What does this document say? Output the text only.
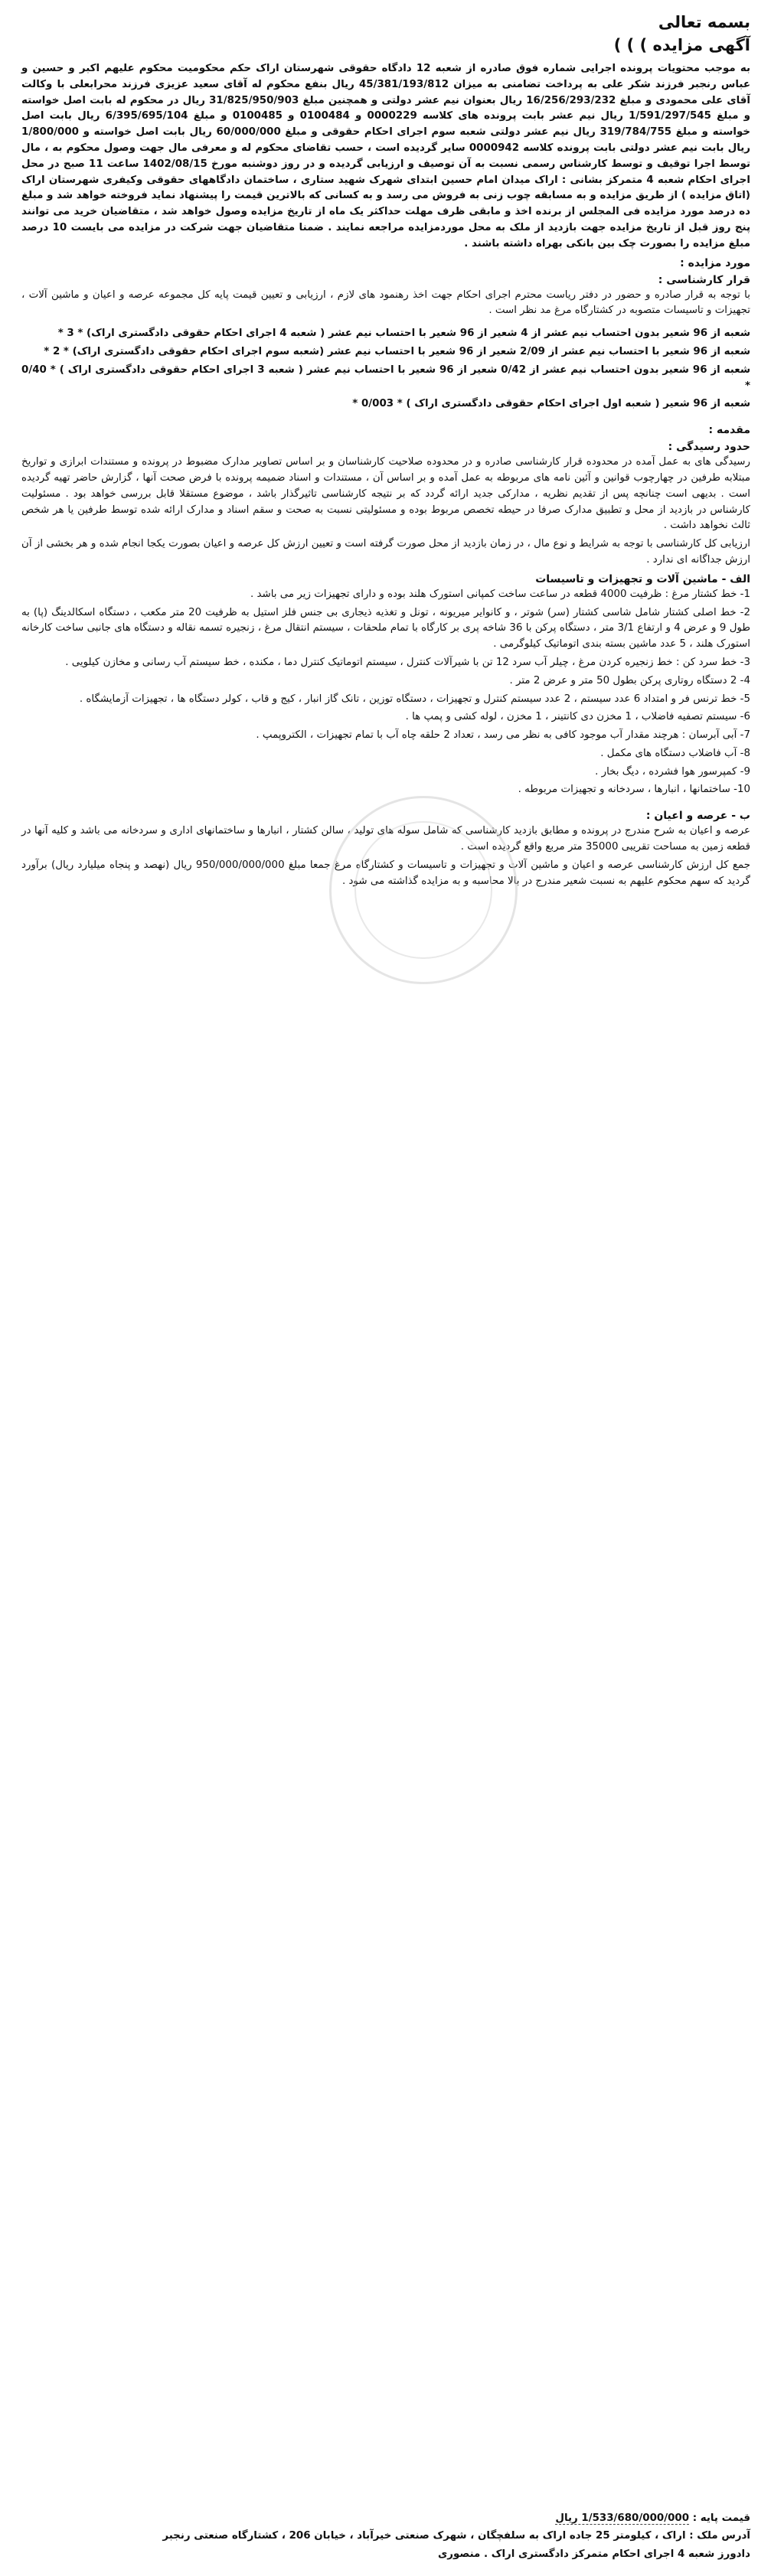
بسمه تعالی
آگهی مزایده ) ) )

به موجب محتویات پرونده اجرایی شماره فوق صادره از شعبه 12 دادگاه حقوقی شهرستان اراک حکم محکومیت محکوم علیهم اکبر و حسین و عباس رنجبر فرزند شکر علی به پرداخت تضامنی به میزان 45/381/193/812 ریال بنفع محکوم له آقای سعید عزیزی فرزند محرابعلی با وکالت آقای علی محمودی و مبلغ 16/256/293/232 ریال بعنوان نیم عشر دولتی و همچنین مبلغ 31/825/950/903 ریال در محکوم له بابت اصل خواسته و مبلغ 1/591/297/545 ریال نیم عشر بابت پرونده های کلاسه 0000229 و 0100484 و 0100485 و مبلغ 6/395/695/104 ریال بابت اصل خواسته و مبلغ 319/784/755 ریال نیم عشر دولتی شعبه سوم اجرای احکام حقوقی و مبلغ 60/000/000 ریال بابت اصل خواسته و 1/800/000 ریال بابت نیم عشر دولتی بابت پرونده کلاسه 0000942 سایر گردیده است ، حسب تقاضای محکوم له و معرفی مال جهت وصول محکوم به ، مال توسط اجرا توقیف و توسط کارشناس رسمی نسبت به آن توصیف و ارزیابی گردیده و در روز دوشنبه مورخ 1402/08/15 ساعت 11 صبح در محل اجرای احکام شعبه 4 متمرکز بشانی : اراک میدان امام حسین ابتدای شهرک شهید ستاری ، ساختمان دادگاههای حقوقی وکیفری شهرستان اراک (اتاق مزایده ) از طریق مزایده و به مسابقه چوب زنی به فروش می رسد و به کسانی که بالاترین قیمت را پیشنهاد نماید فروخته خواهد شد و مبلغ ده درصد مورد مزایده فی المجلس از برنده اخذ و مابقی ظرف مهلت حداکثر یک ماه از تاریخ مزایده وصول خواهد شد ، متقاضیان خرید می توانند پنج روز قبل از تاریخ مزایده جهت بازدید از ملک به محل موردمزایده مراجعه نمایند . ضمنا متقاضیان جهت شرکت در مزایده می بایست 10 درصد مبلغ مزایده را بصورت چک بین بانکی بهراه داشته باشند .

مورد مزایده :
قرار کارشناسی :

با توجه به قرار صادره و حضور در دفتر ریاست محترم اجرای احکام جهت اخذ رهنمود های لازم ، ارزیابی و تعیین قیمت پایه کل مجموعه عرصه و اعیان و ماشین آلات ، تجهیزات و تاسیسات متصوبه در کشتارگاه مرغ مد نظر است .

شعبه از 96 شعیر بدون احتساب نیم عشر از 4 شعیر از 96 شعیر با احتساب نیم عشر ( شعبه 4 اجرای احکام حقوقی دادگستری اراک) * 3 *

شعبه از 96 شعیر با احتساب نیم عشر از 2/09 شعیر از 96 شعیر با احتساب نیم عشر (شعبه سوم اجرای احکام حقوقی دادگستری اراک) * 2 *

شعبه از 96 شعیر بدون احتساب نیم عشر از 0/42 شعیر از 96 شعیر با احتساب نیم عشر ( شعبه 3 اجرای احکام حقوقی دادگستری اراک ) * 0/40 *

شعبه از 96 شعیر ( شعبه اول اجرای احکام حقوقی دادگستری اراک ) * 0/003 *

مقدمه :
حدود رسیدگی :

رسیدگی های به عمل آمده در محدوده قرار کارشناسی صادره و در محدوده صلاحیت کارشناسان و بر اساس تصاویر مدارک مضبوط در پرونده و مستندات ابرازی و تواریخ مبتلابه طرفین در چهارچوب قوانین و آئین نامه های مربوطه به عمل آمده و بر اساس آن ، مستندات و اسناد ضمیمه پرونده با فرض صحت آنها ، گزارش حاضر تهیه گردیده است . بدیهی است چنانچه پس از تقدیم نظریه ، مدارکی جدید ارائه گردد که بر نتیجه کارشناسی تاثیرگذار باشد ، موضوع مستقلا قابل بررسی خواهد بود . مسئولیت کارشناس در بازدید از محل و تطبیق مدارک صرفا در حیطه تخصص مربوط بوده و مسئولیتی نسبت به صحت و سقم اسناد و مدارک ارائه شده توسط طرفین یا هر شخص ثالث نخواهد داشت .

ارزیابی کل کارشناسی با توجه به شرایط و نوع مال ، در زمان بازدید از محل صورت گرفته است و تعیین ارزش کل عرصه و اعیان بصورت یکجا انجام شده و هر بخشی از آن ارزش جداگانه ای ندارد .

الف - ماشین آلات و تجهیزات و تاسیسات

1- خط کشتار مرغ : ظرفیت 4000 قطعه در ساعت ساخت کمپانی استورک هلند بوده و دارای تجهیزات زیر می باشد .

2- خط اصلی کشتار شامل شاسی کشتار (سر) شوتر ، و کانوایر میریونه ، تونل و تغذیه ذیجاری بی جنس فلز استیل به ظرفیت 20 متر مکعب ، دستگاه اسکالدینگ (پا) به طول 9 و عرض 4 و ارتفاع 3/1 متر ، دستگاه پرکن با 36 شاخه پری بر کارگاه با تمام ملحقات ، سیستم انتقال مرغ ، زنجیره تسمه نقاله و دستگاه های جانبی ساخت کارخانه استورک هلند ، 5 عدد ماشین بسته بندی اتوماتیک کیلوگرمی .

3- خط سرد کن : خط زنجیره کردن مرغ ، چیلر آب سرد 12 تن با شیرآلات کنترل ، سیستم اتوماتیک کنترل دما ، مکنده ، خط سیستم آب رسانی و مخازن کیلویی .

4- 2 دستگاه روتاری پرکن بطول 50 متر و عرض 2 متر .

5- خط ترنس فر و امتداد 6 عدد سیستم ، 2 عدد سیستم کنترل و تجهیزات ، دستگاه توزین ، تانک گاز انبار ، کیج و قاب ، کولر دستگاه ها ، تجهیزات آزمایشگاه .

6- سیستم تصفیه فاضلاب ، 1 مخزن دی کانتینر ، 1 مخزن ، لوله کشی و پمپ ها .

7- آبی آبرسان : هرچند مقدار آب موجود کافی به نظر می رسد ، تعداد 2 حلقه چاه آب با تمام تجهیزات ، الکتروپمپ .

8- آب فاضلاب دستگاه های مکمل .

9- کمپرسور هوا فشرده ، دیگ بخار .

10- ساختمانها ، انبارها ، سردخانه و تجهیزات مربوطه .

ب - عرصه و اعیان :

عرصه و اعیان به شرح مندرج در پرونده و مطابق بازدید کارشناسی که شامل سوله های تولید ، سالن کشتار ، انبارها و ساختمانهای اداری و سردخانه می باشد و کلیه آنها در قطعه زمین به مساحت تقریبی 35000 متر مربع واقع گردیده است .

جمع کل ارزش کارشناسی عرصه و اعیان و ماشین آلات و تجهیزات و تاسیسات و کشتارگاه مرغ جمعا مبلغ 950/000/000/000 ریال (نهصد و پنجاه میلیارد ریال) برآورد گردید که سهم محکوم علیهم به نسبت شعیر مندرج در بالا محاسبه و به مزایده گذاشته می شود .

قیمت پایه : 1/533/680/000/000 ریال

آدرس ملک : اراک ، کیلومتر 25 جاده اراک به سلفچگان ، شهرک صنعتی خیرآباد ، خیابان 206 ، کشتارگاه صنعتی رنجبر

دادورز شعبه 4 اجرای احکام متمرکز دادگستری اراک . منصوری
